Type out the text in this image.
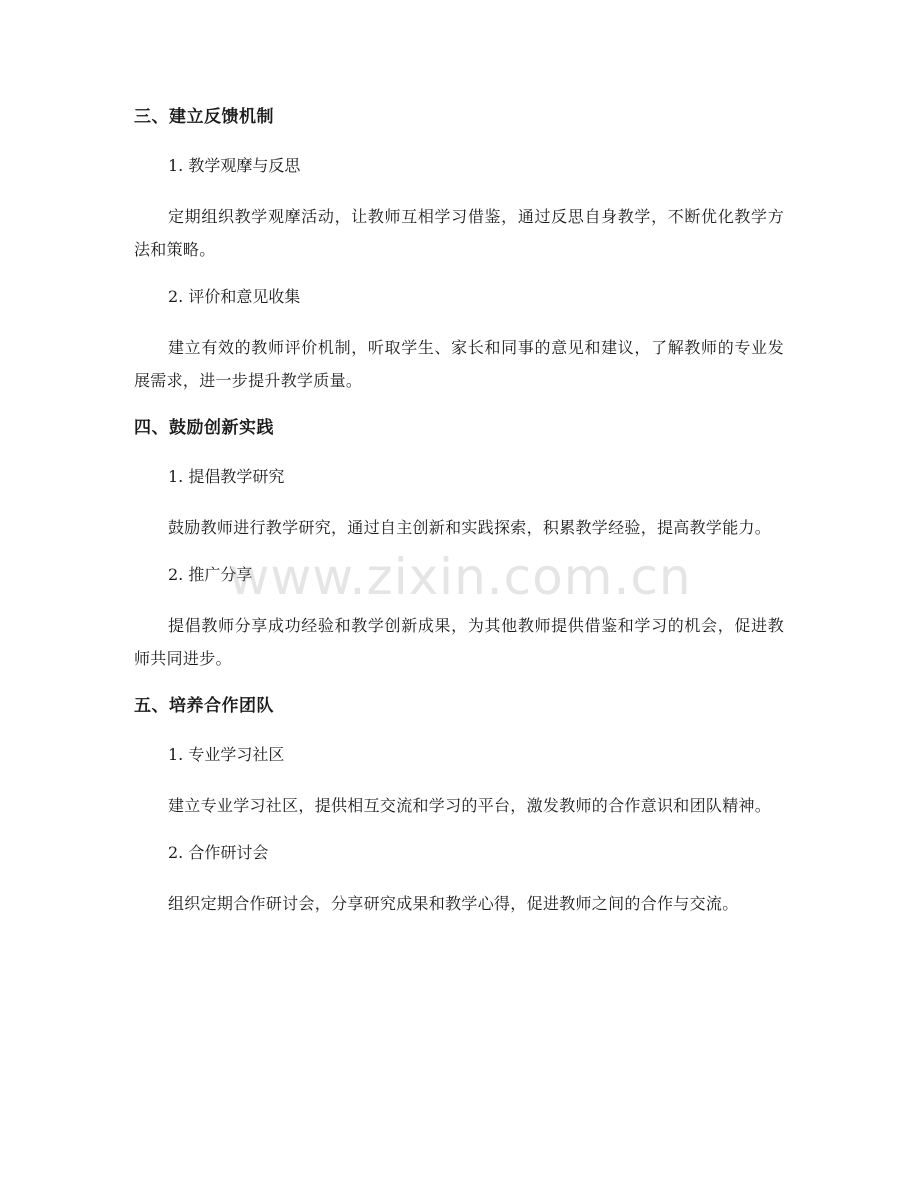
三、建立反馈机制
1. 教学观摩与反思
定期组织教学观摩活动，让教师互相学习借鉴，通过反思自身教学，不断优化教学方法和策略。
2. 评价和意见收集
建立有效的教师评价机制，听取学生、家长和同事的意见和建议，了解教师的专业发展需求，进一步提升教学质量。
四、鼓励创新实践
1. 提倡教学研究
鼓励教师进行教学研究，通过自主创新和实践探索，积累教学经验，提高教学能力。
2. 推广分享
提倡教师分享成功经验和教学创新成果，为其他教师提供借鉴和学习的机会，促进教师共同进步。
五、培养合作团队
1. 专业学习社区
建立专业学习社区，提供相互交流和学习的平台，激发教师的合作意识和团队精神。
2. 合作研讨会
组织定期合作研讨会，分享研究成果和教学心得，促进教师之间的合作与交流。
www.zixin.com.cn
